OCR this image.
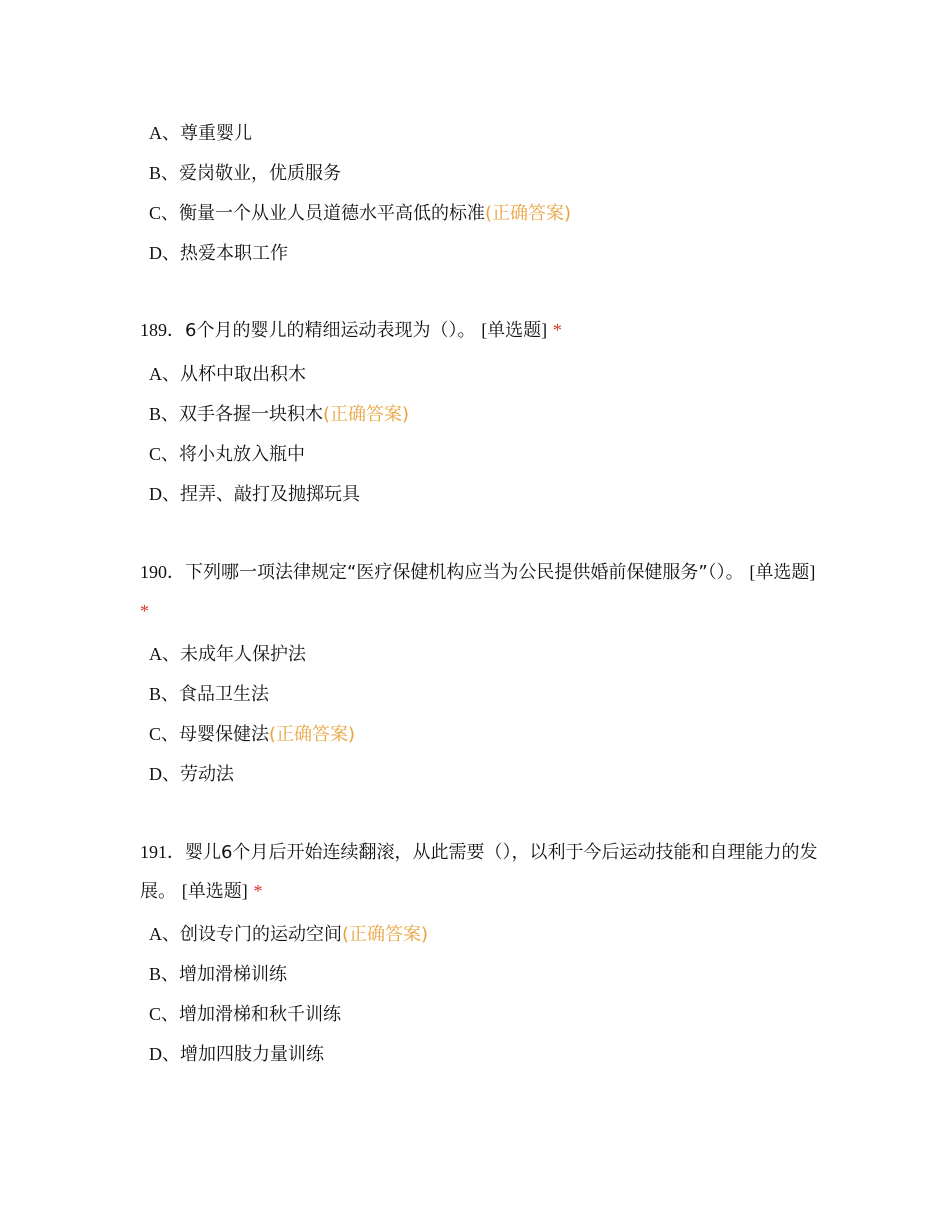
A、尊重婴儿
B、爱岗敬业，优质服务
C、衡量一个从业人员道德水平高低的标准(正确答案)
D、热爱本职工作
189．6个月的婴儿的精细运动表现为（）。 [单选题] *
A、从杯中取出积木
B、双手各握一块积木(正确答案)
C、将小丸放入瓶中
D、捏弄、敲打及抛掷玩具
190．下列哪一项法律规定“医疗保健机构应当为公民提供婚前保健服务”（）。 [单选题] *
A、未成年人保护法
B、食品卫生法
C、母婴保健法(正确答案)
D、劳动法
191．婴儿6个月后开始连续翻滚，从此需要（），以利于今后运动技能和自理能力的发展。 [单选题] *
A、创设专门的运动空间(正确答案)
B、增加滑梯训练
C、增加滑梯和秋千训练
D、增加四肢力量训练
